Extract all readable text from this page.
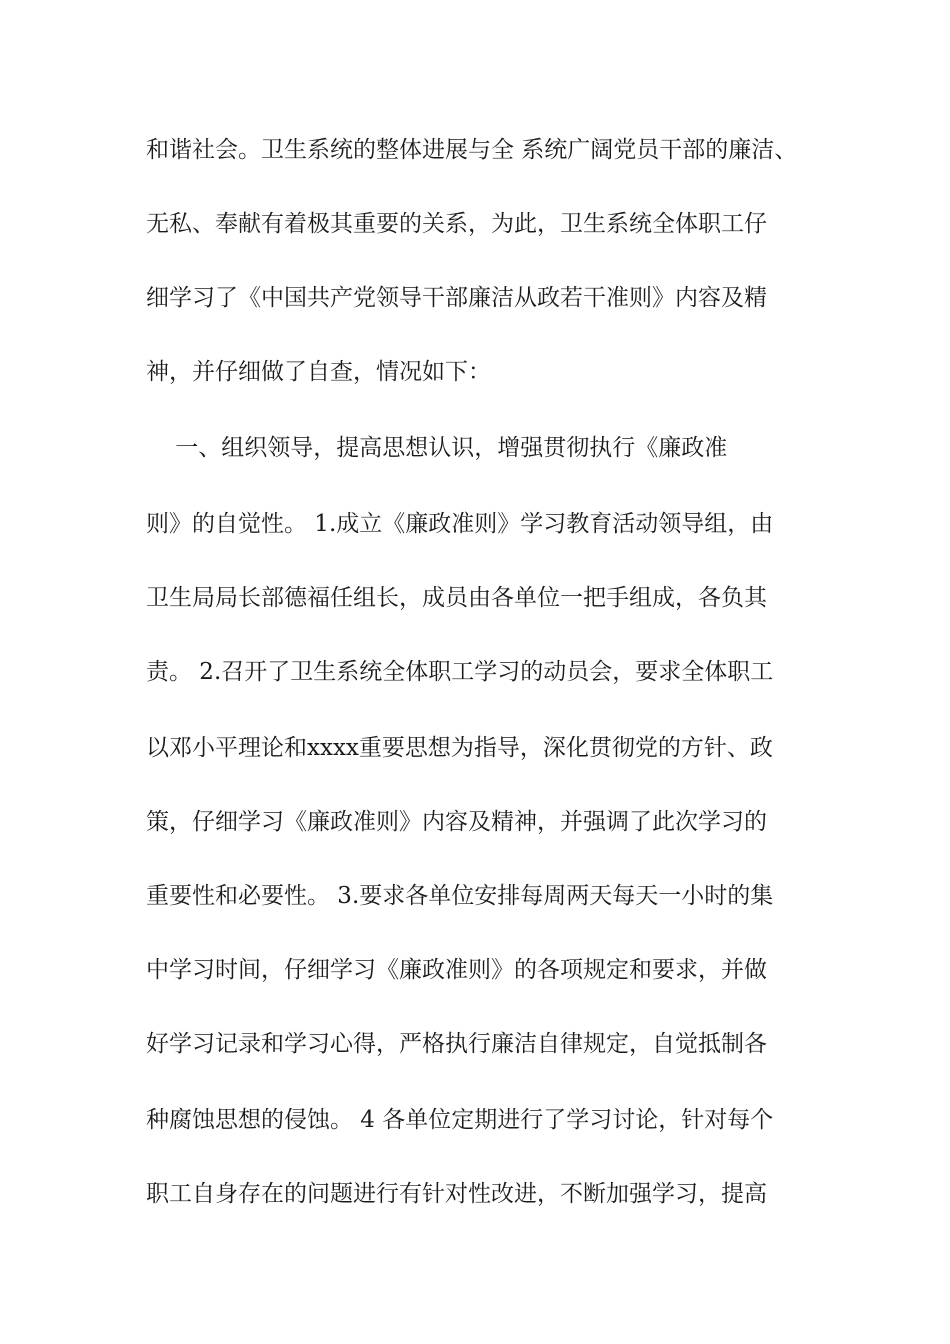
和谐社会。卫生系统的整体进展与全 系统广阔党员干部的廉洁、
无私、奉献有着极其重要的关系，为此，卫生系统全体职工仔
细学习了《中国共产党领导干部廉洁从政若干准则》内容及精
神，并仔细做了自查，情况如下：
一、组织领导，提高思想认识，增强贯彻执行《廉政准
则》的自觉性。 1.成立《廉政准则》学习教育活动领导组，由
卫生局局长部德福任组长，成员由各单位一把手组成，各负其
责。 2.召开了卫生系统全体职工学习的动员会，要求全体职工
以邓小平理论和xxxx重要思想为指导，深化贯彻党的方针、政
策，仔细学习《廉政准则》内容及精神，并强调了此次学习的
重要性和必要性。 3.要求各单位安排每周两天每天一小时的集
中学习时间，仔细学习《廉政准则》的各项规定和要求，并做
好学习记录和学习心得，严格执行廉洁自律规定，自觉抵制各
种腐蚀思想的侵蚀。 4 各单位定期进行了学习讨论，针对每个
职工自身存在的问题进行有针对性改进，不断加强学习，提高
